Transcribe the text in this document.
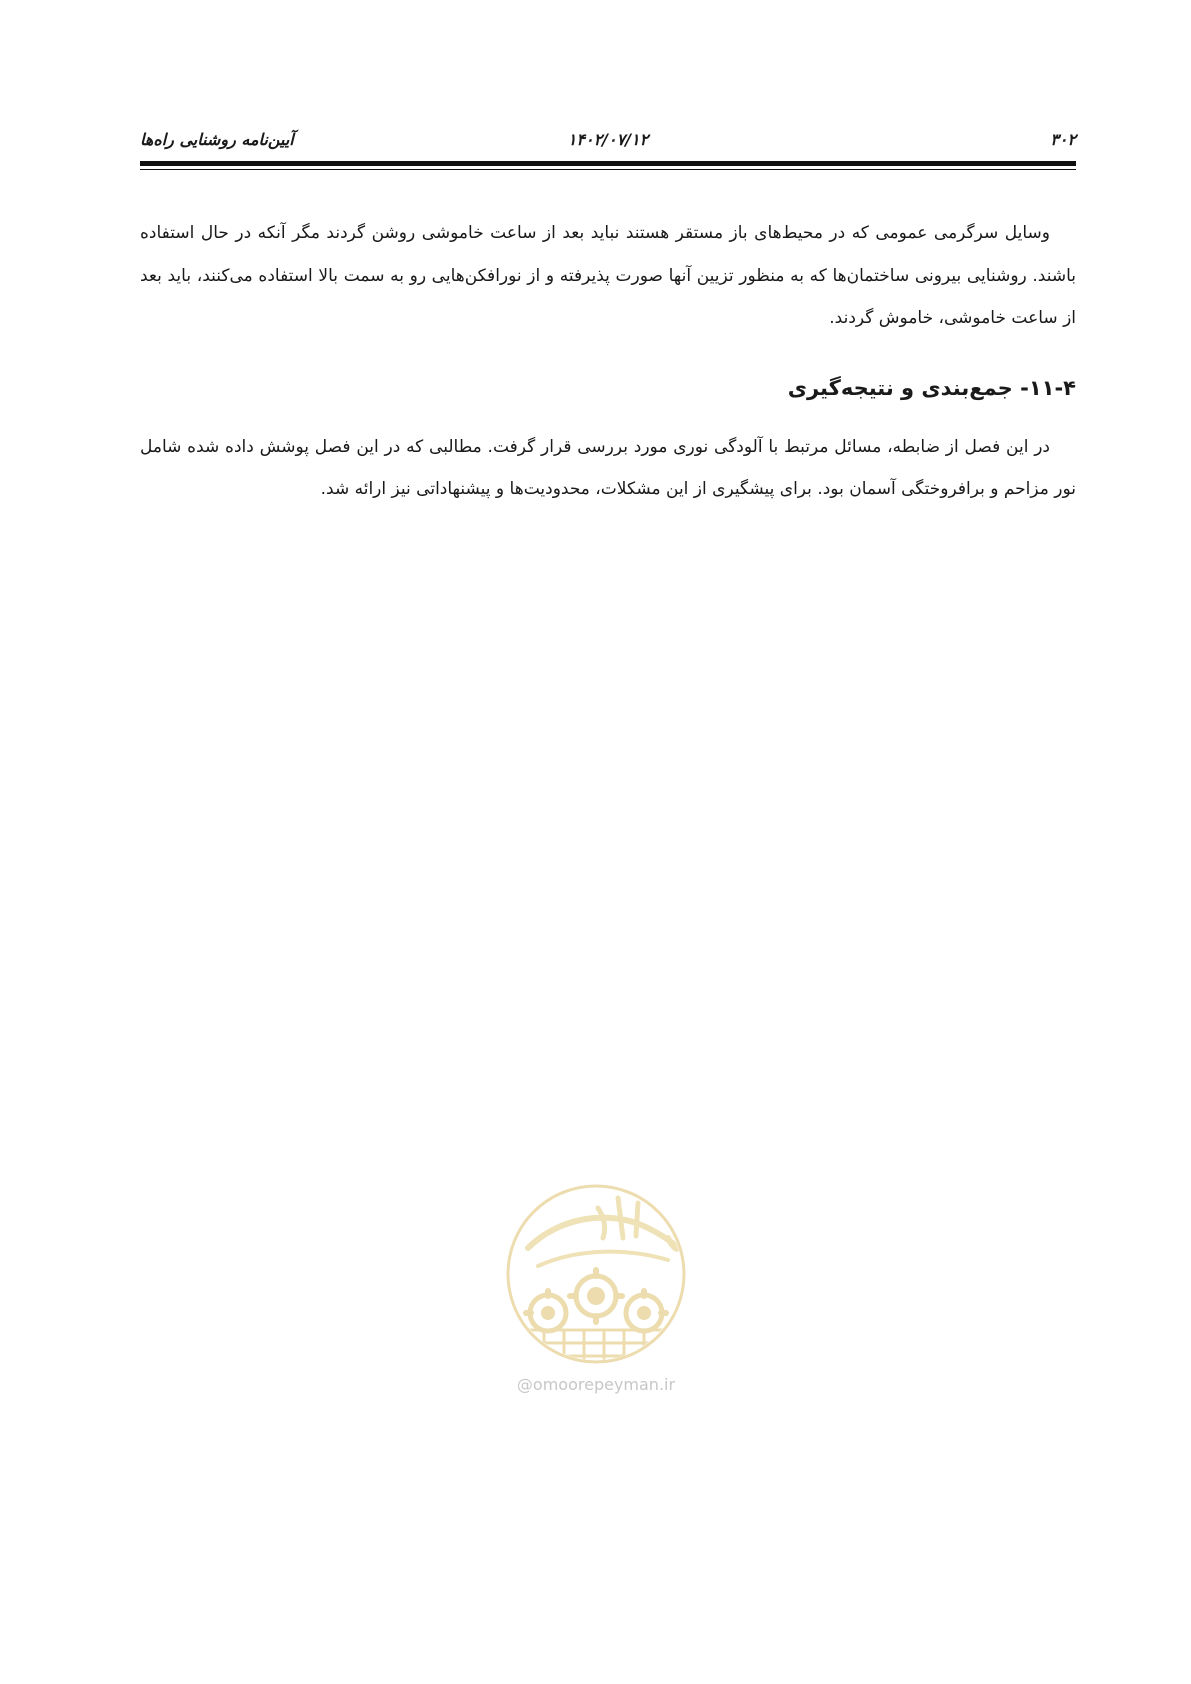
۳۰۲
۱۴۰۲/۰۷/۱۲
آیین‌نامه روشنایی راه‌ها

وسایل سرگرمی عمومی که در محیط‌های باز مستقر هستند نباید بعد از ساعت خاموشی روشن گردند مگر آنکه در حال استفاده باشند. روشنایی بیرونی ساختمان‌ها که به منظور تزیین آنها صورت پذیرفته و از نورافکن‌هایی رو به سمت بالا استفاده می‌کنند، باید بعد از ساعت خاموشی، خاموش گردند.

۱۱-۴- جمع‌بندی و نتیجه‌گیری

در این فصل از ضابطه، مسائل مرتبط با آلودگی نوری مورد بررسی قرار گرفت. مطالبی که در این فصل پوشش داده شده شامل نور مزاحم و برافروختگی آسمان بود. برای پیشگیری از این مشکلات، محدودیت‌ها و پیشنهاداتی نیز ارائه شد.

@omoorepeyman.ir
